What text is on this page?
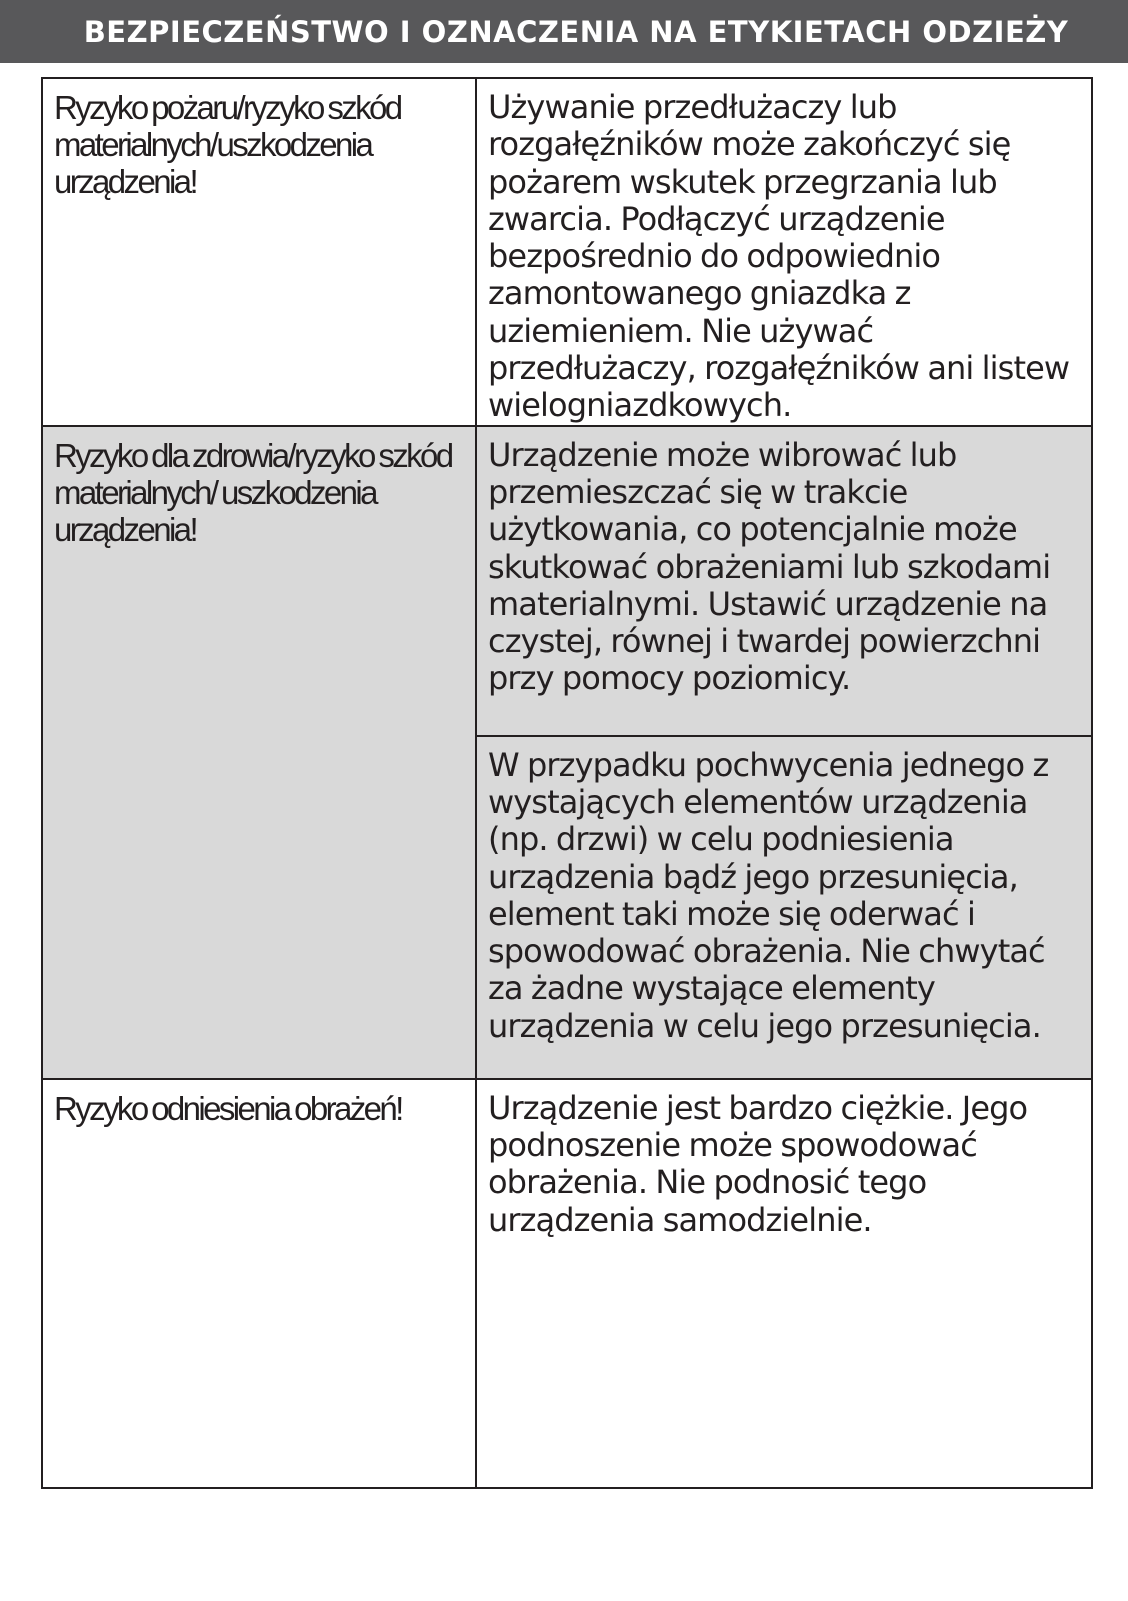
BEZPIECZEŃSTWO I OZNACZENIA NA ETYKIETACH ODZIEŻY
Ryzyko pożaru/ryzyko szkód materialnych/uszkodzenia urządzenia!	Używanie przedłużaczy lub rozgałęźników może zakończyć się pożarem wskutek przegrzania lub zwarcia. Podłączyć urządzenie bezpośrednio do odpowiednio zamontowanego gniazdka z uziemieniem. Nie używać przedłużaczy, rozgałęźników ani listew wielogniazdkowych.

Ryzyko dla zdrowia/ryzyko szkód materialnych/ uszkodzenia urządzenia!	Urządzenie może wibrować lub przemieszczać się w trakcie użytkowania, co potencjalnie może skutkować obrażeniami lub szkodami materialnymi. Ustawić urządzenie na czystej, równej i twardej powierzchni przy pomocy poziomicy.

	W przypadku pochwycenia jednego z wystających elementów urządzenia (np. drzwi) w celu podniesienia urządzenia bądź jego przesunięcia, element taki może się oderwać i spowodować obrażenia. Nie chwytać za żadne wystające elementy urządzenia w celu jego przesunięcia.

Ryzyko odniesienia obrażeń!	Urządzenie jest bardzo ciężkie. Jego podnoszenie może spowodować obrażenia. Nie podnosić tego urządzenia samodzielnie.
